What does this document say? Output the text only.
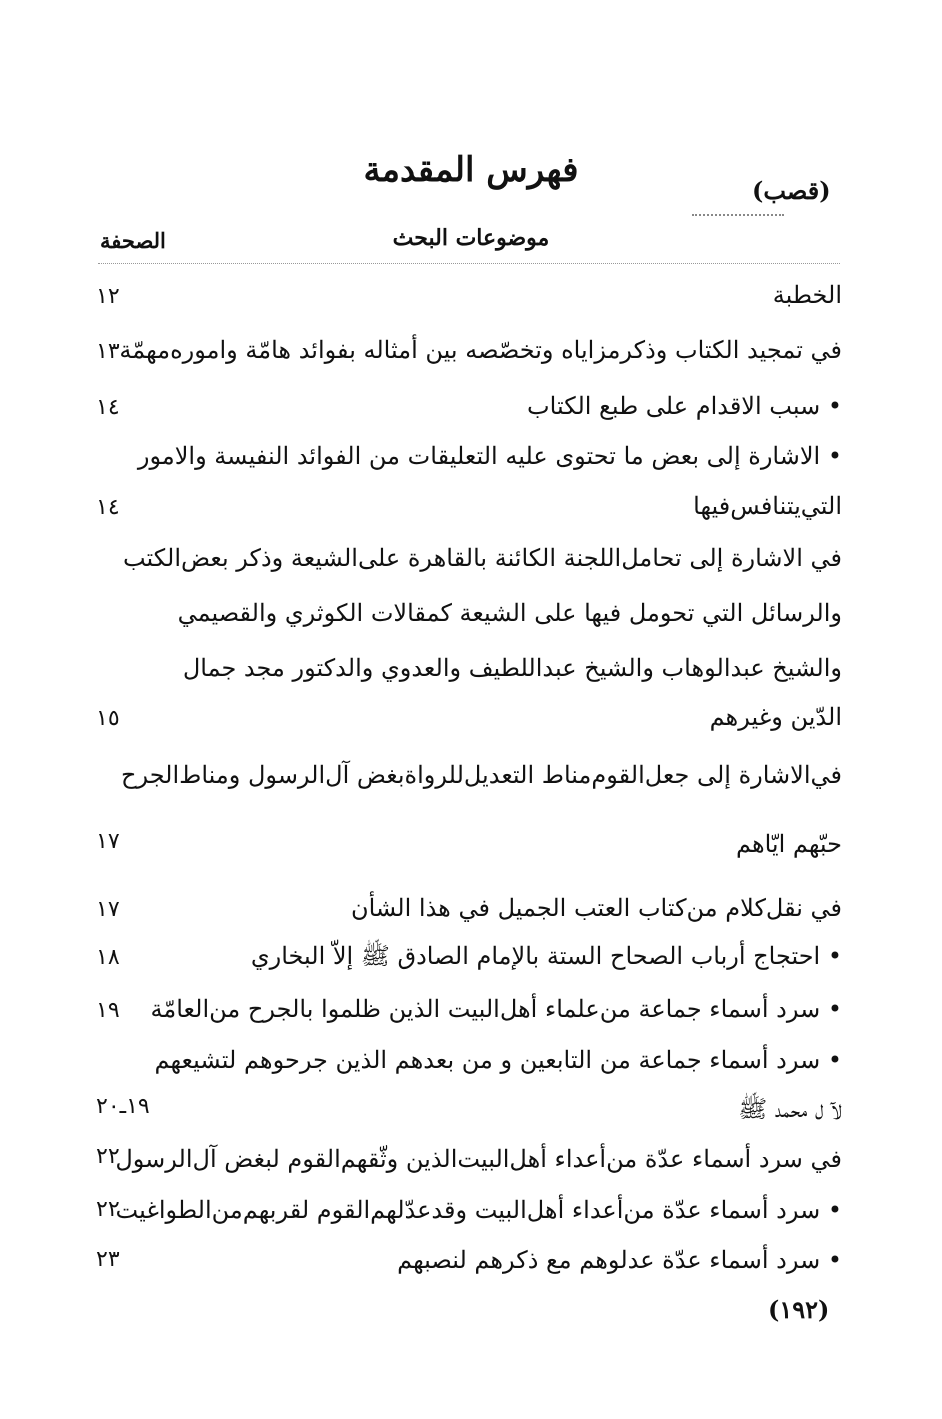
فهرس المقدمة
(قصب)
موضوعات البحث
الصحفة
الخطبة
١٢
في تمجيد الكتاب وذكرمزاياه وتخصّصه بين أمثاله بفوائد هامّة واموره‌مهمّة
١٣
• سبب الاقدام على طبع الكتاب
١٤
• الاشارة إلى بعض ما تحتوى عليه التعليقات من الفوائد النفيسة والامور
التي‌يتنافس‌فيها
١٤
في الاشارة إلى تحامل‌اللجنة الكائنة بالقاهرة على‌الشيعة وذكر بعض‌الكتب
والرسائل التي تحومل فيها على الشيعة كمقالات الكوثري والقصيمي
والشيخ عبدالوهاب والشيخ عبداللطيف والعدوي والدكتور مجد جمال
الدّين وغيرهم
١٥
في‌الاشارة إلى جعل‌القوم‌مناط التعديل‌للرواة‌بغض آل‌الرسول ومناط‌الجرح
حبّهم ايّاهم
١٧
في نقل‌كلام من‌كتاب العتب الجميل في هذا الشأن
١٧
• احتجاج أرباب الصحاح الستة بالإمام الصادق ﷺ إلاّ البخاري
١٨
• سرد أسماء جماعة من‌علماء أهل‌البيت الذين ظلموا بالجرح من‌العامّة
١٩
• سرد أسماء جماعة من التابعين و من بعدهم الذين جرحوهم لتشيعهم
لآ ل محمد ﷺ
١٩ـ٢٠
في سرد أسماء عدّة من‌أعداء أهل‌البيت‌الذين وثّقهم‌القوم لبغض آل‌الرسول
٢٢
• سرد أسماء عدّة من‌أعداء أهل‌البيت وقدعدّلهم‌القوم لقربهم‌من‌الطواغيت
٢٢
• سرد أسماء عدّة عدلوهم مع ذكرهم لنصبهم
٢٣
(١٩٢)
